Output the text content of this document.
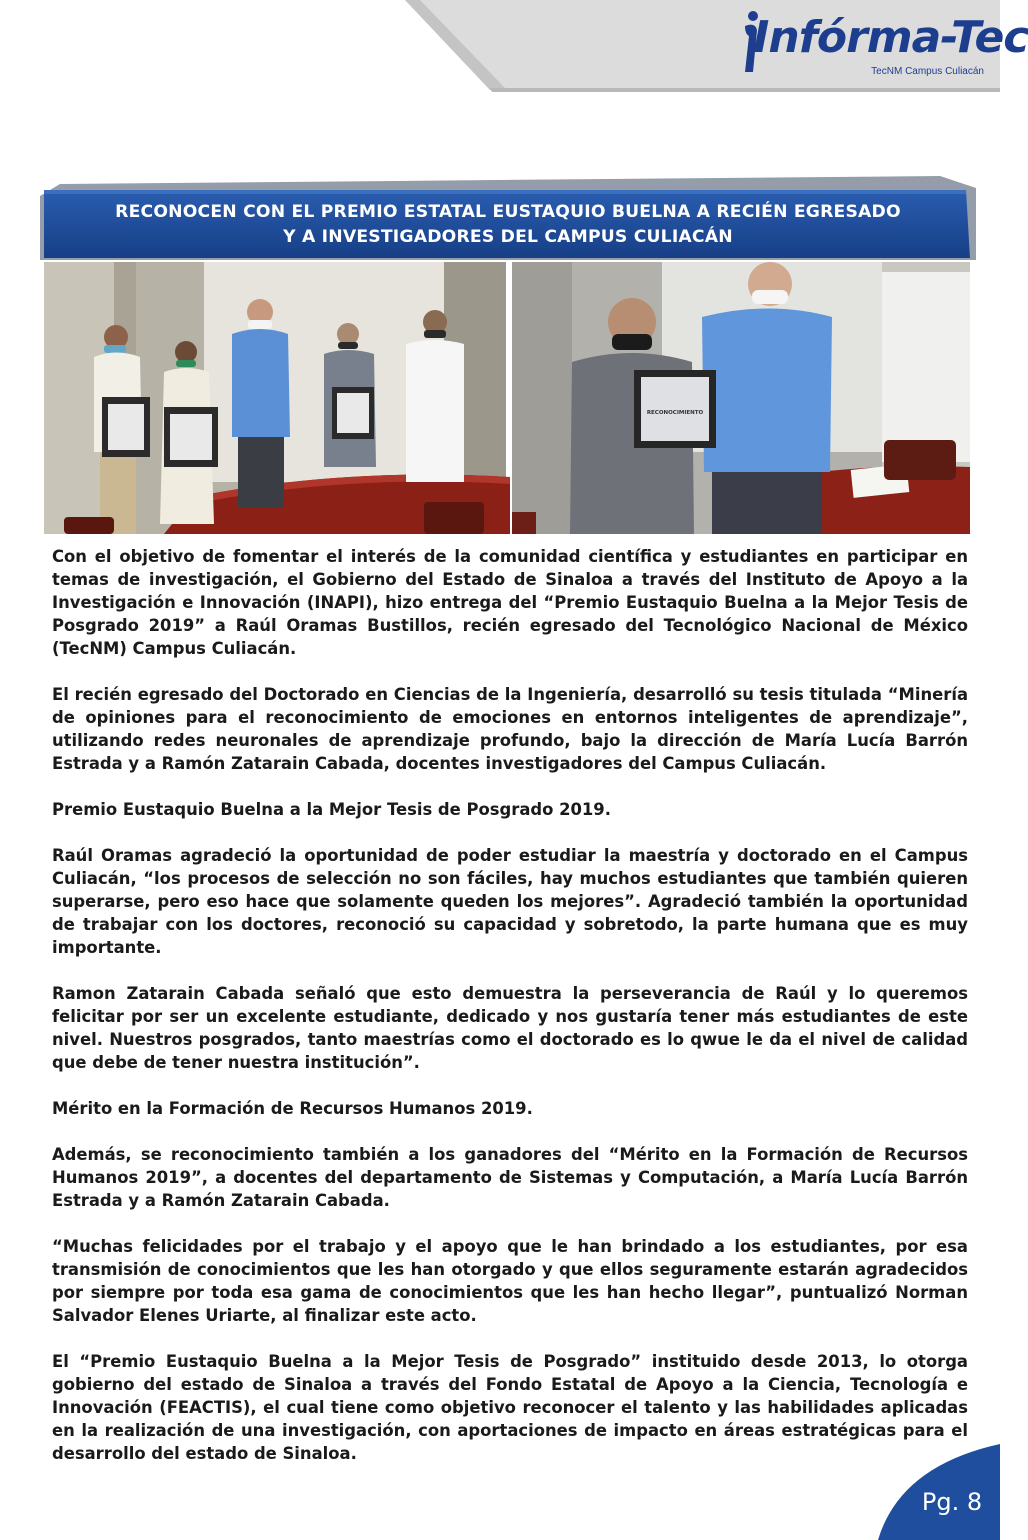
Infórma-Tec
TecNM Campus Culiacán
RECONOCEN CON EL PREMIO ESTATAL EUSTAQUIO BUELNA A RECIÉN EGRESADO
Y A INVESTIGADORES DEL CAMPUS CULIACÁN
RECONOCIMIENTO

Con el objetivo de fomentar el interés de la comunidad científica y estudiantes en participar en temas de investigación, el Gobierno del Estado de Sinaloa a través del Instituto de Apoyo a la Investigación e Innovación (INAPI), hizo entrega del “Premio Eustaquio Buelna a la Mejor Tesis de Posgrado 2019” a Raúl Oramas Bustillos, recién egresado del Tecnológico Nacional de México (TecNM) Campus Culiacán.

El recién egresado del Doctorado en Ciencias de la Ingeniería, desarrolló su tesis titulada “Minería de opiniones para el reconocimiento de emociones en entornos inteligentes de aprendizaje”, utilizando redes neuronales de aprendizaje profundo, bajo la dirección de María Lucía Barrón Estrada y a Ramón Zatarain Cabada, docentes investigadores del Campus Culiacán.

Premio Eustaquio Buelna a la Mejor Tesis de Posgrado 2019.

Raúl Oramas agradeció la oportunidad de poder estudiar la maestría y doctorado en el Campus Culiacán, “los procesos de selección no son fáciles, hay muchos estudiantes que también quieren superarse, pero eso hace que solamente queden los mejores”. Agradeció también la oportunidad de trabajar con los doctores, reconoció su capacidad y sobretodo, la parte humana que es muy importante.

Ramon Zatarain Cabada señaló que esto demuestra la perseverancia de Raúl y lo queremos felicitar por ser un excelente estudiante, dedicado y nos gustaría tener más estudiantes de este nivel. Nuestros posgrados, tanto maestrías como el doctorado es lo qwue le da el nivel de calidad que debe de tener nuestra institución”.

Mérito en la Formación de Recursos Humanos 2019.

Además, se reconocimiento también a los ganadores del “Mérito en la Formación de Recursos Humanos 2019”, a docentes del departamento de Sistemas y Computación, a María Lucía Barrón Estrada y a Ramón Zatarain Cabada.

“Muchas felicidades por el trabajo y el apoyo que le han brindado a los estudiantes, por esa transmisión de conocimientos que les han otorgado y que ellos seguramente estarán agradecidos por siempre por toda esa gama de conocimientos que les han hecho llegar”, puntualizó Norman Salvador Elenes Uriarte, al finalizar este acto.

El “Premio Eustaquio Buelna a la Mejor Tesis de Posgrado” instituido desde 2013, lo otorga gobierno del estado de Sinaloa a través del Fondo Estatal de Apoyo a la Ciencia, Tecnología e Innovación (FEACTIS), el cual tiene como objetivo reconocer el talento y las habilidades aplicadas en la realización de una investigación, con aportaciones de impacto en áreas estratégicas para el desarrollo del estado de Sinaloa.

Pg. 8
